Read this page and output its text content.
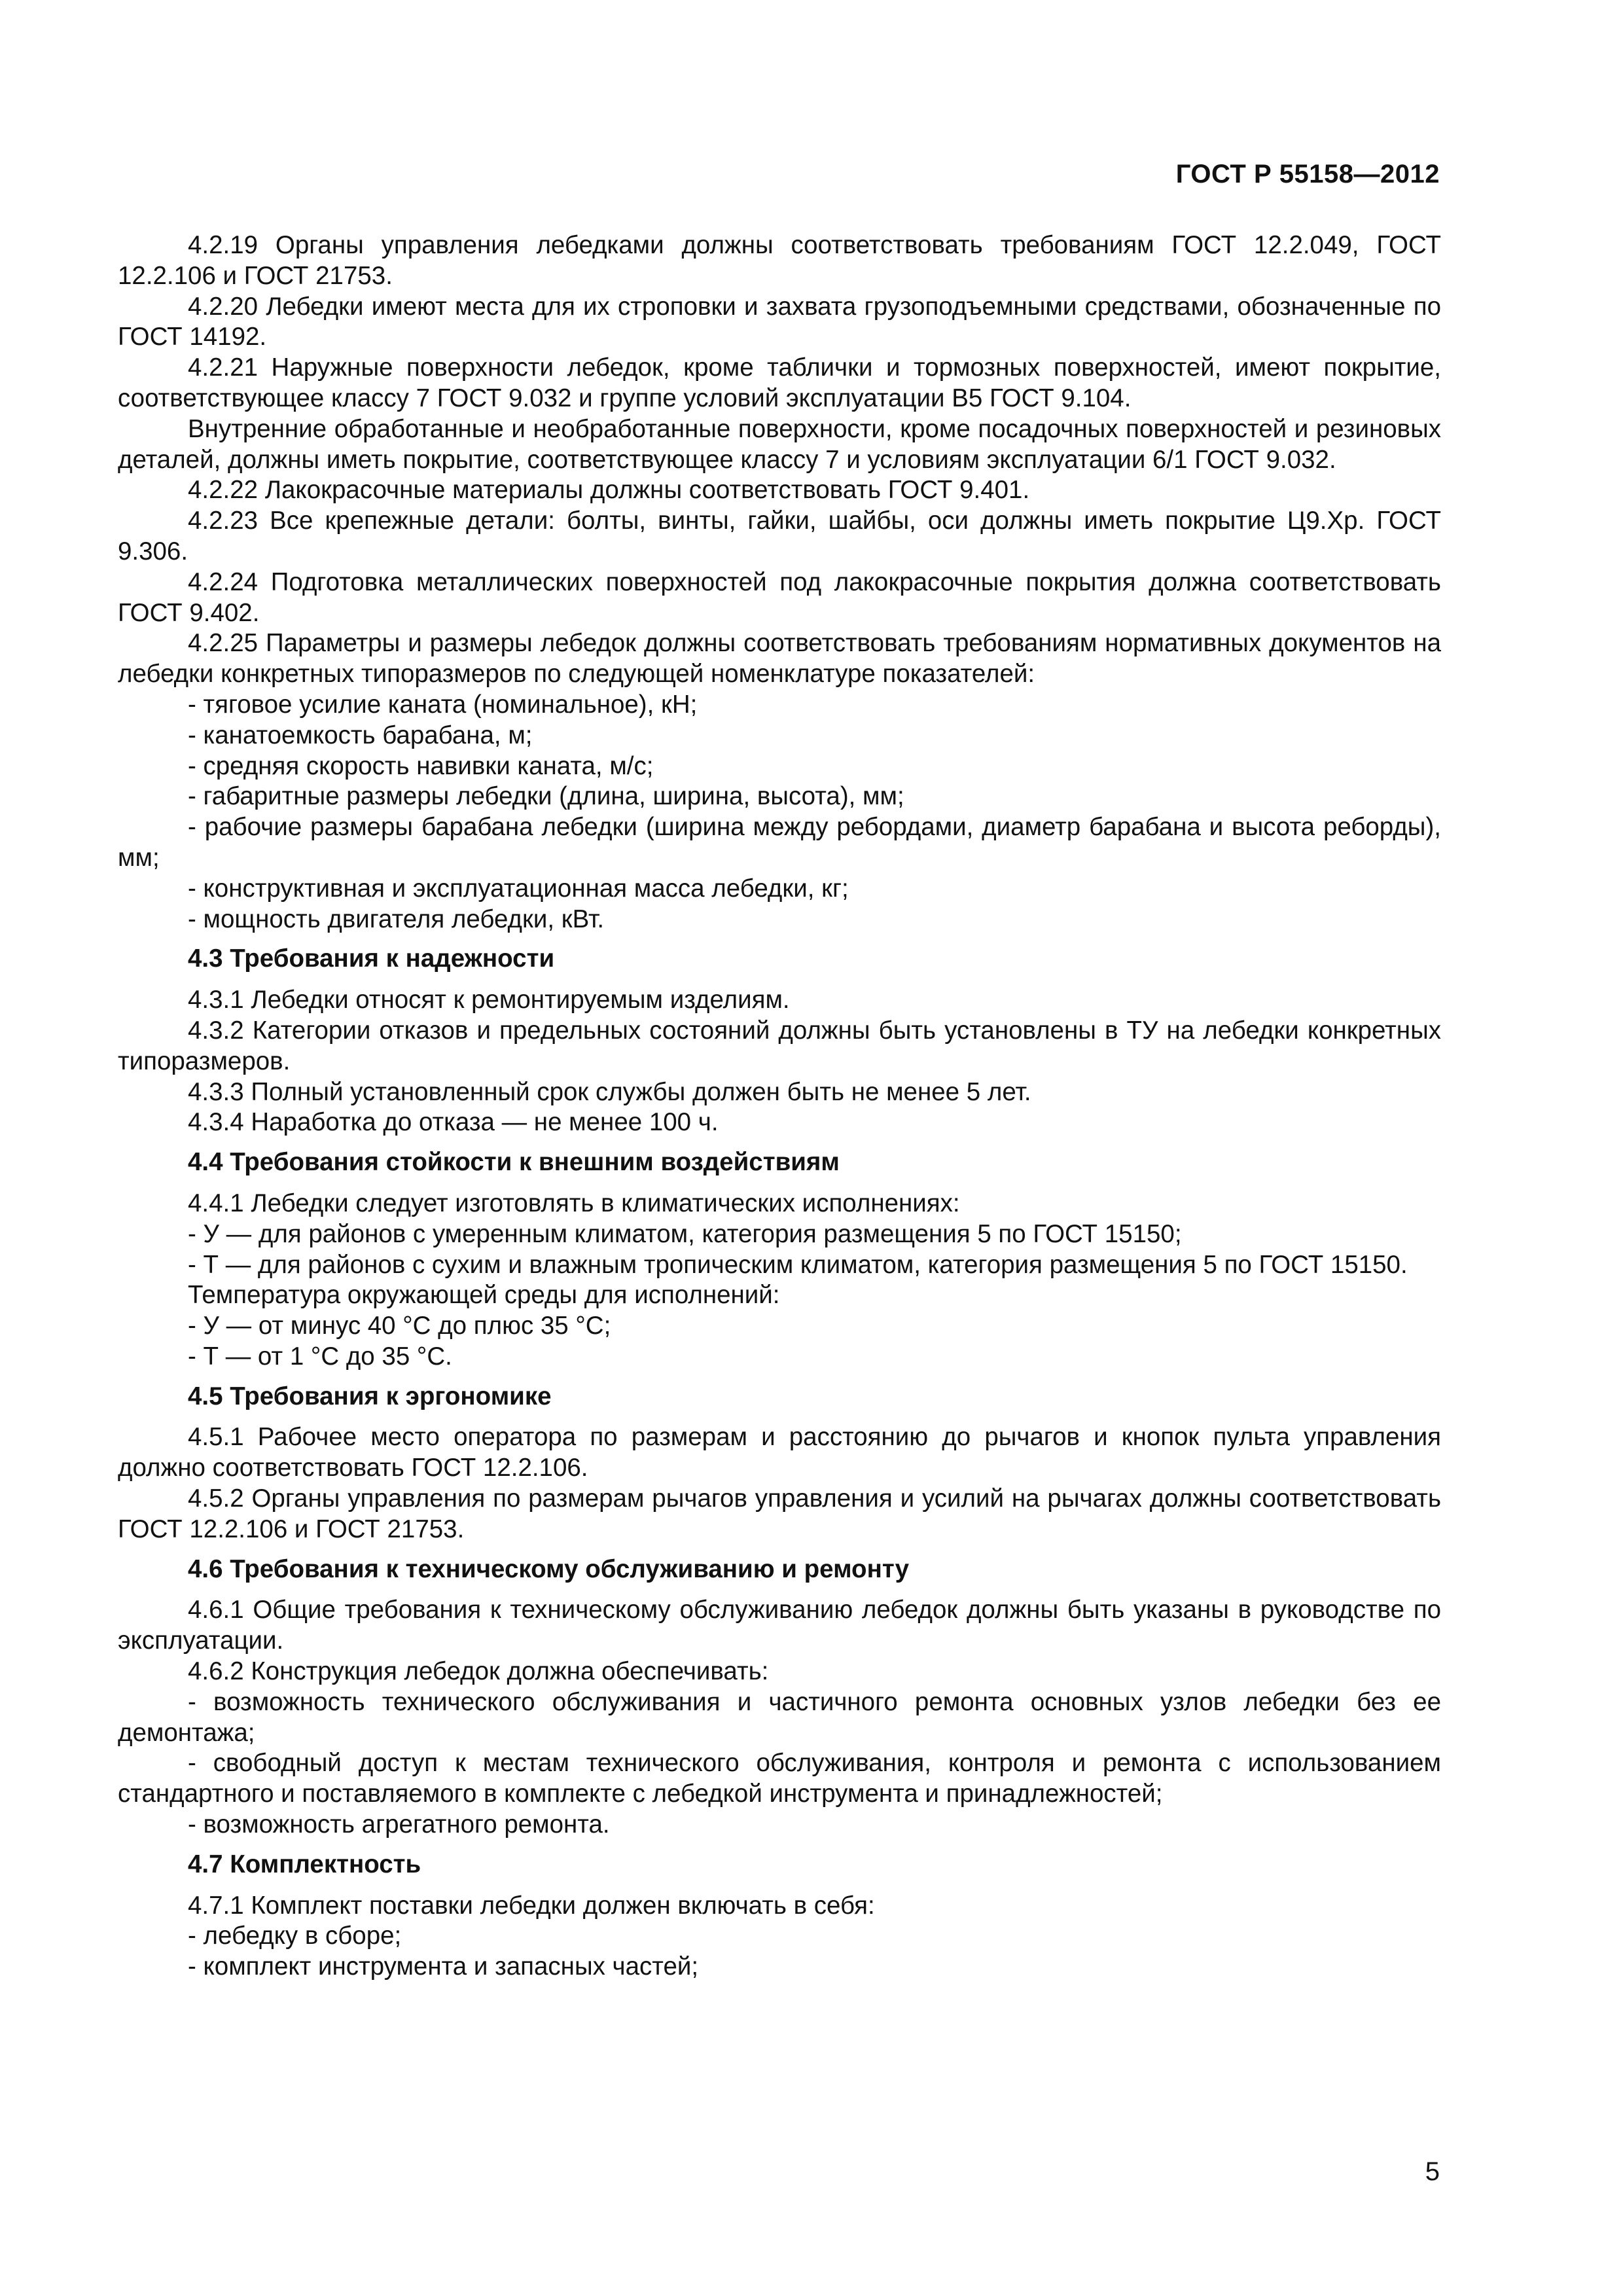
ГОСТ Р 55158—2012

4.2.19 Органы управления лебедками должны соответствовать требованиям ГОСТ 12.2.049, ГОСТ 12.2.106 и ГОСТ 21753.

4.2.20 Лебедки имеют места для их строповки и захвата грузоподъемными средствами, обозначенные по ГОСТ 14192.

4.2.21 Наружные поверхности лебедок, кроме таблички и тормозных поверхностей, имеют покрытие, соответствующее классу 7 ГОСТ 9.032 и группе условий эксплуатации В5 ГОСТ 9.104.

Внутренние обработанные и необработанные поверхности, кроме посадочных поверхностей и резиновых деталей, должны иметь покрытие, соответствующее классу 7 и условиям эксплуатации 6/1 ГОСТ 9.032.

4.2.22 Лакокрасочные материалы должны соответствовать ГОСТ 9.401.

4.2.23 Все крепежные детали: болты, винты, гайки, шайбы, оси должны иметь покрытие Ц9.Хр. ГОСТ 9.306.

4.2.24 Подготовка металлических поверхностей под лакокрасочные покрытия должна соответствовать ГОСТ 9.402.

4.2.25 Параметры и размеры лебедок должны соответствовать требованиям нормативных документов на лебедки конкретных типоразмеров по следующей номенклатуре показателей:

- тяговое усилие каната (номинальное), кН;

- канатоемкость барабана, м;

- средняя скорость навивки каната, м/с;

- габаритные размеры лебедки (длина, ширина, высота), мм;

- рабочие размеры барабана лебедки (ширина между ребордами, диаметр барабана и высота реборды), мм;

- конструктивная и эксплуатационная масса лебедки, кг;

- мощность двигателя лебедки, кВт.

4.3 Требования к надежности

4.3.1 Лебедки относят к ремонтируемым изделиям.

4.3.2 Категории отказов и предельных состояний должны быть установлены в ТУ на лебедки конкретных типоразмеров.

4.3.3 Полный установленный срок службы должен быть не менее 5 лет.

4.3.4 Наработка до отказа — не менее 100 ч.

4.4 Требования стойкости к внешним воздействиям

4.4.1 Лебедки следует изготовлять в климатических исполнениях:

- У — для районов с умеренным климатом, категория размещения 5 по ГОСТ 15150;

- Т — для районов с сухим и влажным тропическим климатом, категория размещения 5 по ГОСТ 15150.

Температура окружающей среды для исполнений:

- У — от минус 40 °С до плюс 35 °С;

- Т — от 1 °С до 35 °С.

4.5 Требования к эргономике

4.5.1 Рабочее место оператора по размерам и расстоянию до рычагов и кнопок пульта управления должно соответствовать ГОСТ 12.2.106.

4.5.2 Органы управления по размерам рычагов управления и усилий на рычагах должны соответствовать ГОСТ 12.2.106 и ГОСТ 21753.

4.6 Требования к техническому обслуживанию и ремонту

4.6.1 Общие требования к техническому обслуживанию лебедок должны быть указаны в руководстве по эксплуатации.

4.6.2 Конструкция лебедок должна обеспечивать:

- возможность технического обслуживания и частичного ремонта основных узлов лебедки без ее демонтажа;

- свободный доступ к местам технического обслуживания, контроля и ремонта с использованием стандартного и поставляемого в комплекте с лебедкой инструмента и принадлежностей;

- возможность агрегатного ремонта.

4.7 Комплектность

4.7.1 Комплект поставки лебедки должен включать в себя:

- лебедку в сборе;

- комплект инструмента и запасных частей;

5
